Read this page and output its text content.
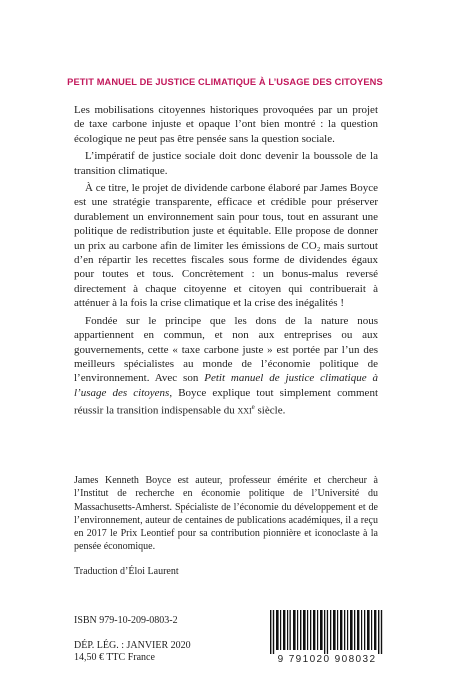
PETIT MANUEL DE JUSTICE CLIMATIQUE À L’USAGE DES CITOYENS

Les mobilisations citoyennes historiques provoquées par un projet de taxe carbone injuste et opaque l’ont bien montré : la question écologique ne peut pas être pensée sans la question sociale.

L’impératif de justice sociale doit donc devenir la boussole de la transition climatique.

À ce titre, le projet de dividende carbone élaboré par James Boyce est une stratégie transparente, efficace et crédible pour préserver durablement un environnement sain pour tous, tout en assurant une politique de redistribution juste et équitable. Elle propose de donner un prix au carbone afin de limiter les émissions de CO₂ mais surtout d’en répartir les recettes fiscales sous forme de dividendes égaux pour toutes et tous. Concrètement : un bonus-malus reversé directement à chaque citoyenne et citoyen qui contribuerait à atténuer à la fois la crise climatique et la crise des inégalités !

Fondée sur le principe que les dons de la nature nous appartiennent en commun, et non aux entreprises ou aux gouvernements, cette « taxe carbone juste » est portée par l’un des meilleurs spécialistes au monde de l’économie politique de l’environnement. Avec son Petit manuel de justice climatique à l’usage des citoyens, Boyce explique tout simplement comment réussir la transition indispensable du xxi$^e$ siècle.

James Kenneth Boyce est auteur, professeur émérite et chercheur à l’Institut de recherche en économie politique de l’Université du Massachusetts-Amherst. Spécialiste de l’économie du développement et de l’environnement, auteur de centaines de publications académiques, il a reçu en 2017 le Prix Leontief pour sa contribution pionnière et iconoclaste à la pensée économique.

Traduction d’Éloi Laurent
ISBN 979-10-209-0803-2
DÉP. LÉG. : JANVIER 2020
14,50 € TTC France	9 791020 908032
